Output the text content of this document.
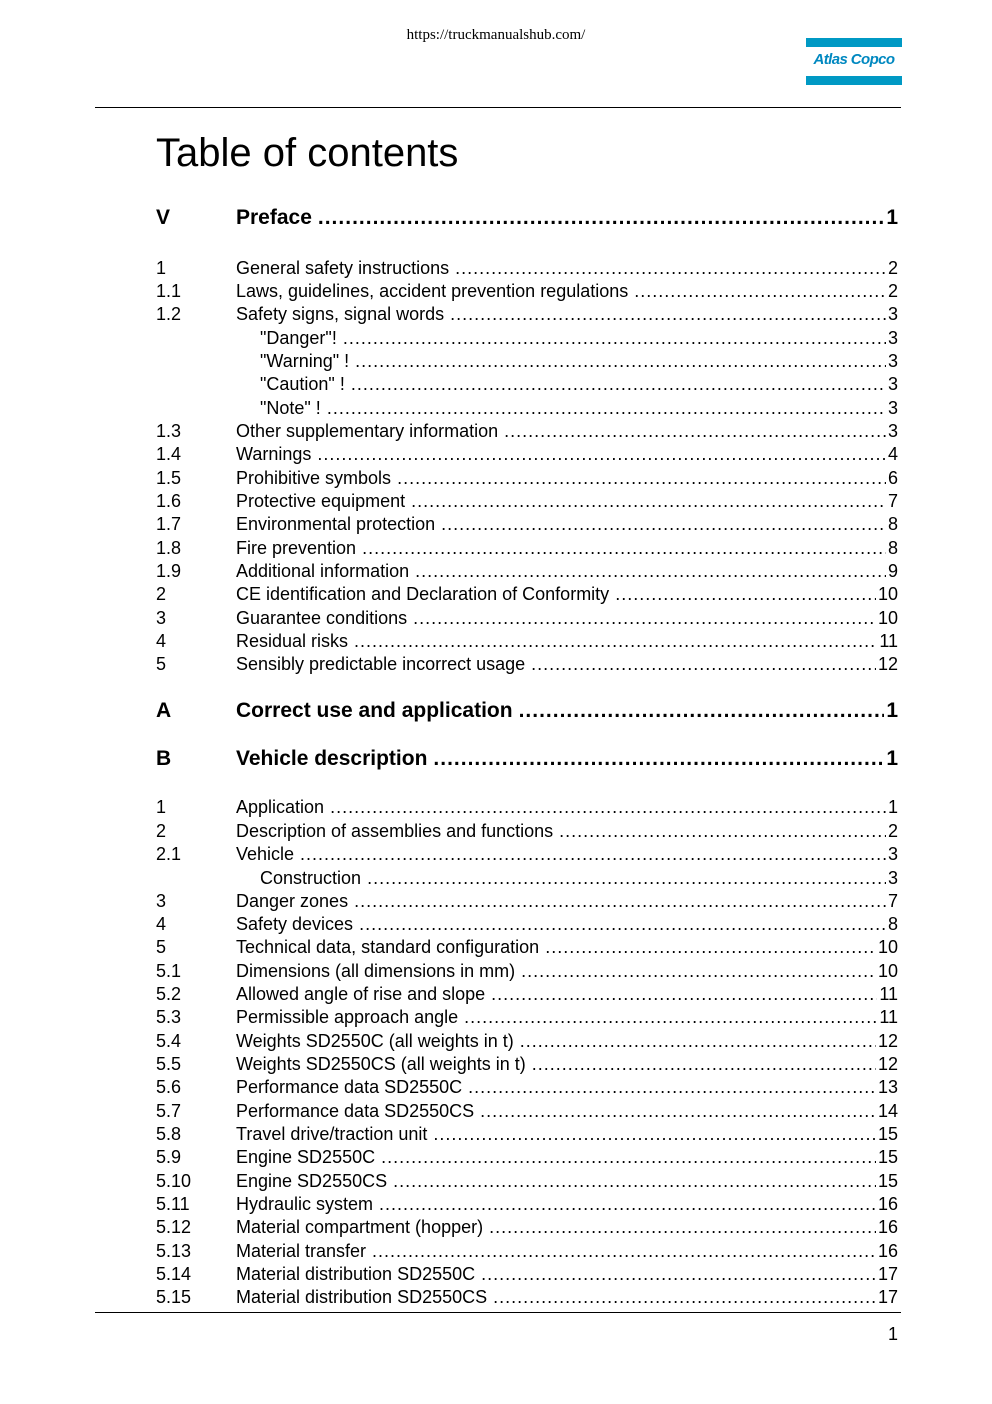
https://truckmanualshub.com/
Atlas Copco
Table of contents
V	Preface .....	1
1	General safety instructions .....	2
1.1	Laws, guidelines, accident prevention regulations .....	2
1.2	Safety signs, signal words .....	3
"Danger"! .....	3
"Warning" ! .....	3
"Caution" ! .....	3
"Note" ! .....	3
1.3	Other supplementary information .....	3
1.4	Warnings .....	4
1.5	Prohibitive symbols .....	6
1.6	Protective equipment .....	7
1.7	Environmental protection .....	8
1.8	Fire prevention .....	8
1.9	Additional information .....	9
2	CE identification and Declaration of Conformity .....	10
3	Guarantee conditions .....	10
4	Residual risks .....	11
5	Sensibly predictable incorrect usage .....	12
A	Correct use and application .....	1
B	Vehicle description .....	1
1	Application .....	1
2	Description of assemblies and functions .....	2
2.1	Vehicle .....	3
Construction .....	3
3	Danger zones .....	7
4	Safety devices .....	8
5	Technical data, standard configuration .....	10
5.1	Dimensions (all dimensions in mm) .....	10
5.2	Allowed angle of rise and slope .....	11
5.3	Permissible approach angle .....	11
5.4	Weights SD2550C (all weights in t) .....	12
5.5	Weights SD2550CS (all weights in t) .....	12
5.6	Performance data SD2550C .....	13
5.7	Performance data SD2550CS .....	14
5.8	Travel drive/traction unit .....	15
5.9	Engine SD2550C .....	15
5.10	Engine SD2550CS .....	15
5.11	Hydraulic system .....	16
5.12	Material compartment (hopper) .....	16
5.13	Material transfer .....	16
5.14	Material distribution SD2550C .....	17
5.15	Material distribution SD2550CS .....	17
1
